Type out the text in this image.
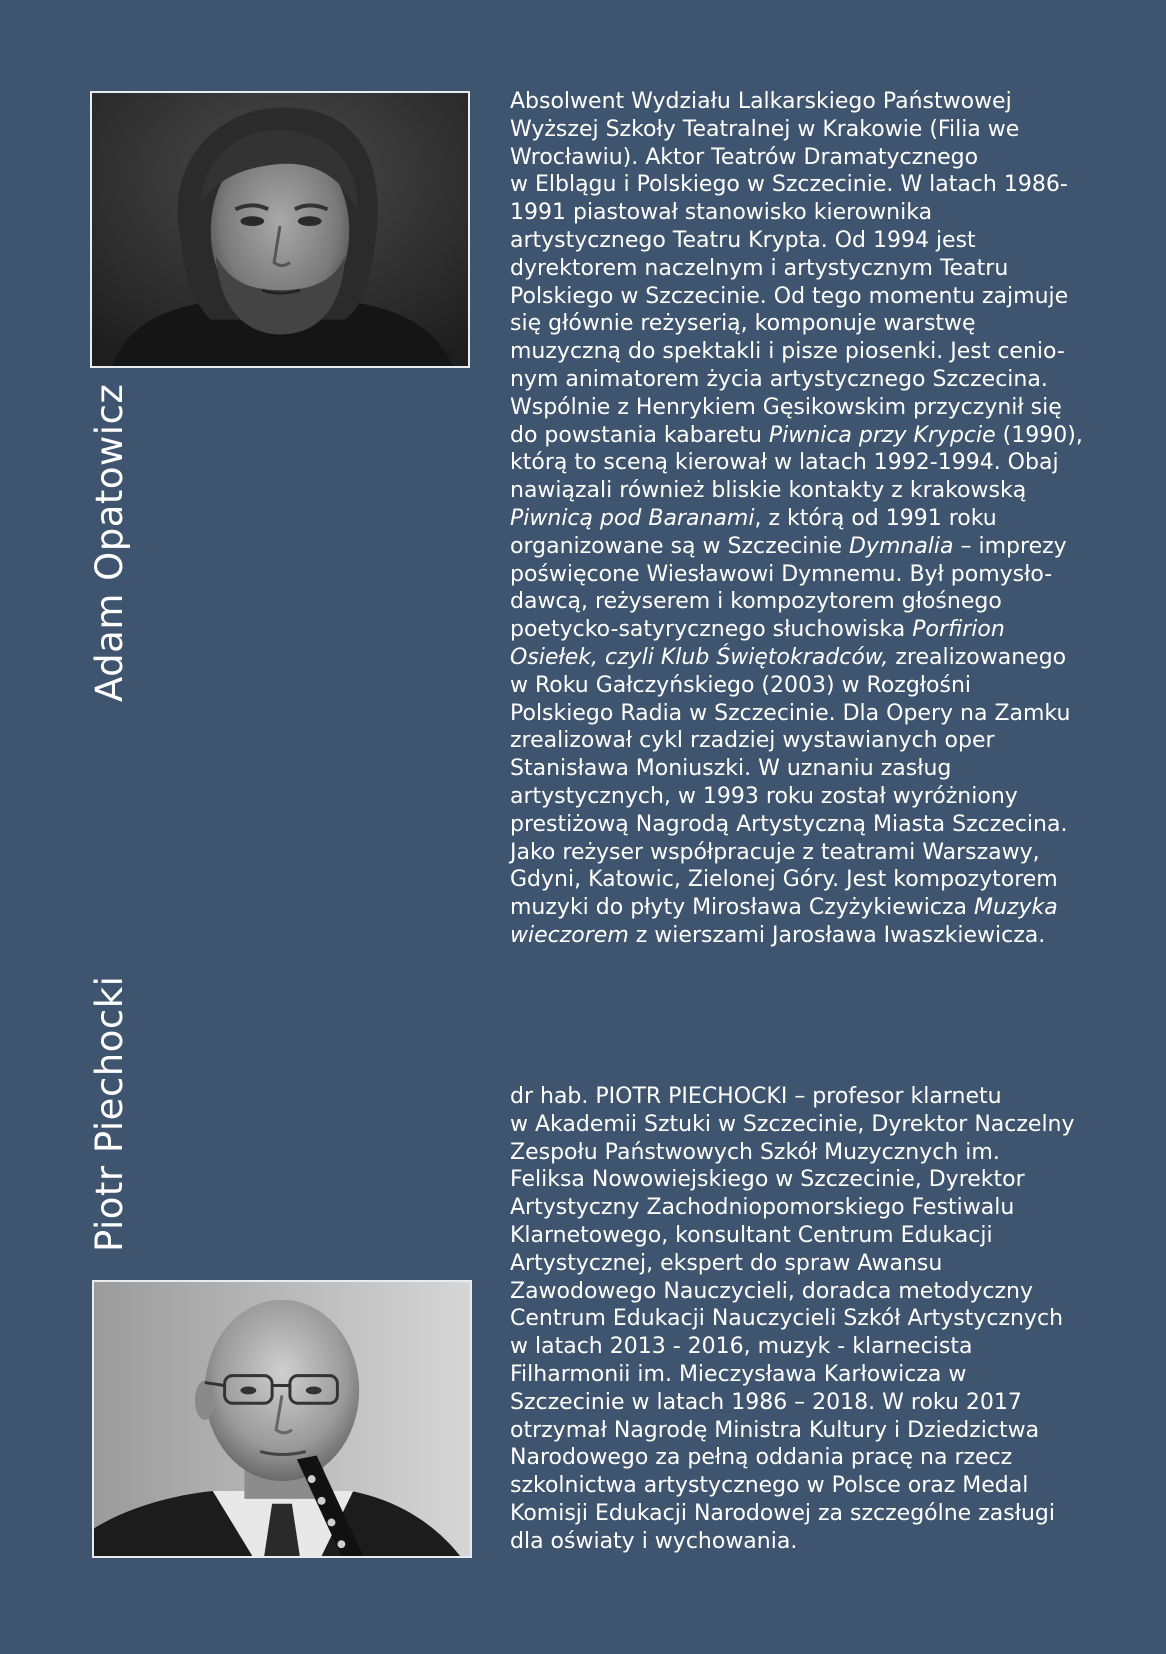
Adam Opatowicz
Absolwent Wydziału Lalkarskiego Państwowej
Wyższej Szkoły Teatralnej w Krakowie (Filia we
Wrocławiu). Aktor Teatrów Dramatycznego
w Elblągu i Polskiego w Szczecinie. W latach 1986-
1991 piastował stanowisko kierownika
artystycznego Teatru Krypta. Od 1994 jest
dyrektorem naczelnym i artystycznym Teatru
Polskiego w Szczecinie. Od tego momentu zajmuje
się głównie reżyserią, komponuje warstwę
muzyczną do spektakli i pisze piosenki. Jest cenio-
nym animatorem życia artystycznego Szczecina.
Wspólnie z Henrykiem Gęsikowskim przyczynił się
do powstania kabaretu Piwnica przy Krypcie (1990),
którą to sceną kierował w latach 1992-1994. Obaj
nawiązali również bliskie kontakty z krakowską
Piwnicą pod Baranami, z którą od 1991 roku
organizowane są w Szczecinie Dymnalia – imprezy
poświęcone Wiesławowi Dymnemu. Był pomysło-
dawcą, reżyserem i kompozytorem głośnego
poetycko-satyrycznego słuchowiska Porfirion
Osiełek, czyli Klub Świętokradców, zrealizowanego
w Roku Gałczyńskiego (2003) w Rozgłośni
Polskiego Radia w Szczecinie. Dla Opery na Zamku
zrealizował cykl rzadziej wystawianych oper
Stanisława Moniuszki. W uznaniu zasług
artystycznych, w 1993 roku został wyróżniony
prestiżową Nagrodą Artystyczną Miasta Szczecina.
Jako reżyser współpracuje z teatrami Warszawy,
Gdyni, Katowic, Zielonej Góry. Jest kompozytorem
muzyki do płyty Mirosława Czyżykiewicza Muzyka
wieczorem z wierszami Jarosława Iwaszkiewicza.
Piotr Piechocki	dr hab. PIOTR PIECHOCKI – profesor klarnetu
w Akademii Sztuki w Szczecinie, Dyrektor Naczelny
Zespołu Państwowych Szkół Muzycznych im.
Feliksa Nowowiejskiego w Szczecinie, Dyrektor
Artystyczny Zachodniopomorskiego Festiwalu
Klarnetowego, konsultant Centrum Edukacji
Artystycznej, ekspert do spraw Awansu
Zawodowego Nauczycieli, doradca metodyczny
Centrum Edukacji Nauczycieli Szkół Artystycznych
w latach 2013 - 2016, muzyk - klarnecista
Filharmonii im. Mieczysława Karłowicza w
Szczecinie w latach 1986 – 2018. W roku 2017
otrzymał Nagrodę Ministra Kultury i Dziedzictwa
Narodowego za pełną oddania pracę na rzecz
szkolnictwa artystycznego w Polsce oraz Medal
Komisji Edukacji Narodowej za szczególne zasługi
dla oświaty i wychowania.
